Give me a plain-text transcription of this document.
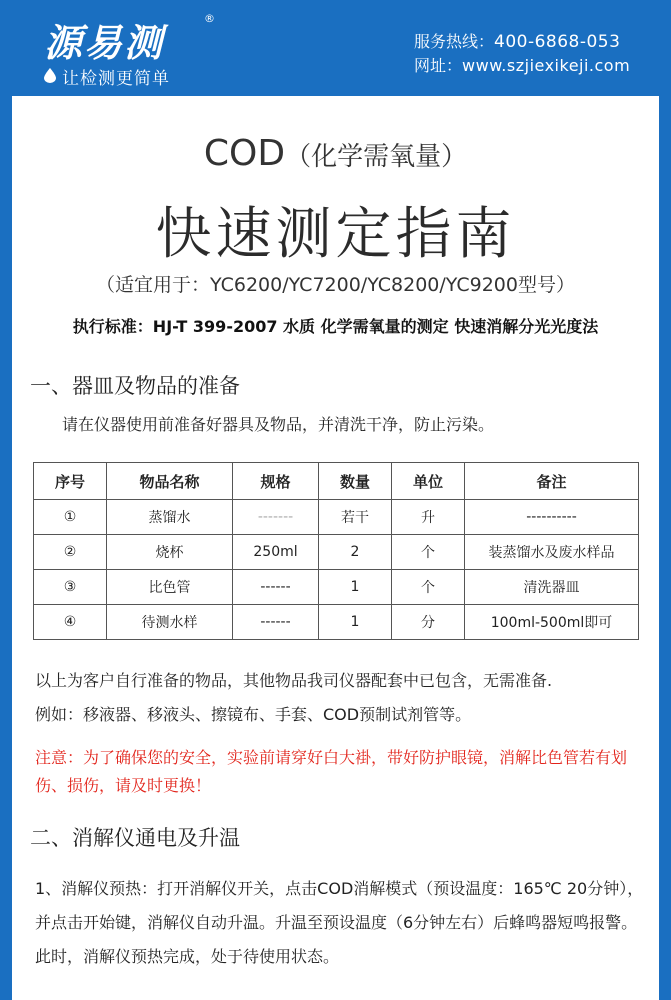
源易测
®
让检测更简单
服务热线：400-6868-053
网址：www.szjiexikeji.com
COD（化学需氧量）
快速测定指南
（适宜用于：YC6200/YC7200/YC8200/YC9200型号）
执行标准：HJ-T 399-2007 水质 化学需氧量的测定 快速消解分光光度法
一、器皿及物品的准备
请在仪器使用前准备好器具及物品，并清洗干净，防止污染。
序号	物品名称	规格	数量	单位	备注
①	蒸馏水	-------	若干	升	----------
②	烧杯	250ml	2	个	装蒸馏水及废水样品
③	比色管	------	1	个	清洗器皿
④	待测水样	------	1	分	100ml-500ml即可
以上为客户自行准备的物品，其他物品我司仪器配套中已包含，无需准备.
例如：移液器、移液头、擦镜布、手套、COD预制试剂管等。
注意：为了确保您的安全，实验前请穿好白大褂，带好防护眼镜，消解比色管若有划伤、损伤，请及时更换！
二、消解仪通电及升温
1、消解仪预热：打开消解仪开关，点击COD消解模式（预设温度：165℃ 20分钟），并点击开始键，消解仪自动升温。升温至预设温度（6分钟左右）后蜂鸣器短鸣报警。此时，消解仪预热完成，处于待使用状态。
